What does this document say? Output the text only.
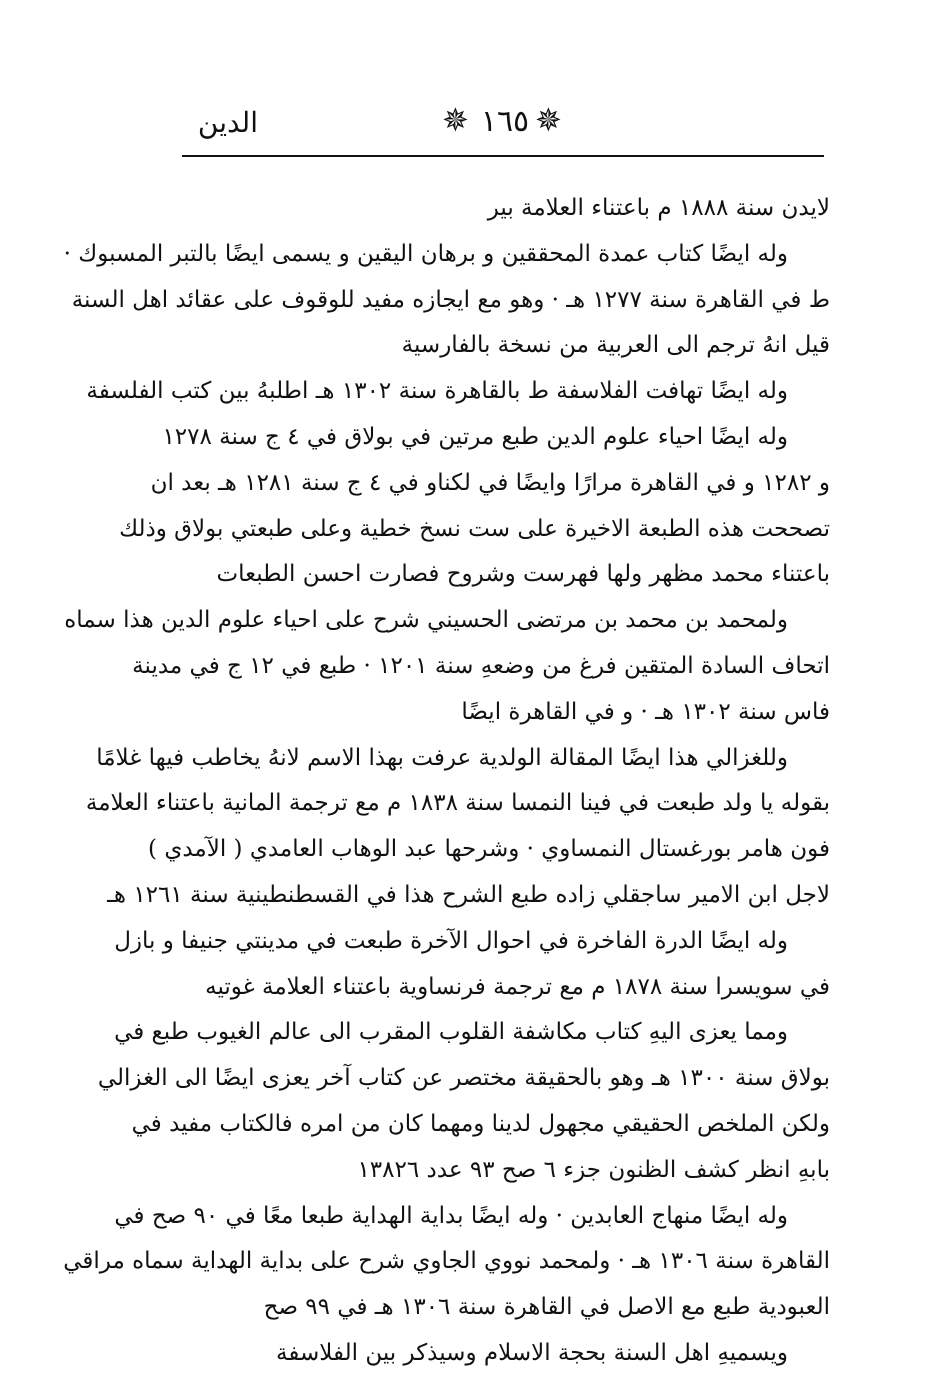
✵ ١٦٥ ✵
الدين
لايدن سنة ١٨٨٨ م باعتناء العلامة بير
وله ايضًا كتاب عمدة المحققين و برهان اليقين و يسمى ايضًا بالتبر المسبوك ·
ط في القاهرة سنة ١٢٧٧ هـ · وهو مع ايجازه مفيد للوقوف على عقائد اهل السنة
قيل انهُ ترجم الى العربية من نسخة بالفارسية
وله ايضًا تهافت الفلاسفة ط بالقاهرة سنة ١٣٠٢ هـ اطلبهُ بين كتب الفلسفة
وله ايضًا احياء علوم الدين طبع مرتين في بولاق في ٤ ج سنة ١٢٧٨
و ١٢٨٢ و في القاهرة مرارًا وايضًا في لكناو في ٤ ج سنة ١٢٨١ هـ بعد ان
تصححت هذه الطبعة الاخيرة على ست نسخ خطية وعلى طبعتي بولاق وذلك
باعتناء محمد مظهر ولها فهرست وشروح فصارت احسن الطبعات
ولمحمد بن محمد بن مرتضى الحسيني شرح على احياء علوم الدين هذا سماه
اتحاف السادة المتقين فرغ من وضعهِ سنة ١٢٠١ · طبع في ١٢ ج في مدينة
فاس سنة ١٣٠٢ هـ · و في القاهرة ايضًا
وللغزالي هذا ايضًا المقالة الولدية عرفت بهذا الاسم لانهُ يخاطب فيها غلامًا
بقوله يا ولد طبعت في فينا النمسا سنة ١٨٣٨ م مع ترجمة المانية باعتناء العلامة
فون هامر بورغستال النمساوي · وشرحها عبد الوهاب العامدي ( الآمدي )
لاجل ابن الامير ساجقلي زاده طبع الشرح هذا في القسطنطينية سنة ١٢٦١ هـ
وله ايضًا الدرة الفاخرة في احوال الآخرة طبعت في مدينتي جنيفا و بازل
في سويسرا سنة ١٨٧٨ م مع ترجمة فرنساوية باعتناء العلامة غوتيه
ومما يعزى اليهِ كتاب مكاشفة القلوب المقرب الى عالم الغيوب طبع في
بولاق سنة ١٣٠٠ هـ وهو بالحقيقة مختصر عن كتاب آخر يعزى ايضًا الى الغزالي
ولكن الملخص الحقيقي مجهول لدينا ومهما كان من امره فالكتاب مفيد في
بابهِ انظر كشف الظنون جزء ٦ صح ٩٣ عدد ١٣٨٢٦
وله ايضًا منهاج العابدين · وله ايضًا بداية الهداية طبعا معًا في ٩٠ صح في
القاهرة سنة ١٣٠٦ هـ · ولمحمد نووي الجاوي شرح على بداية الهداية سماه مراقي
العبودية طبع مع الاصل في القاهرة سنة ١٣٠٦ هـ في ٩٩ صح
ويسميهِ اهل السنة بحجة الاسلام وسيذكر بين الفلاسفة
